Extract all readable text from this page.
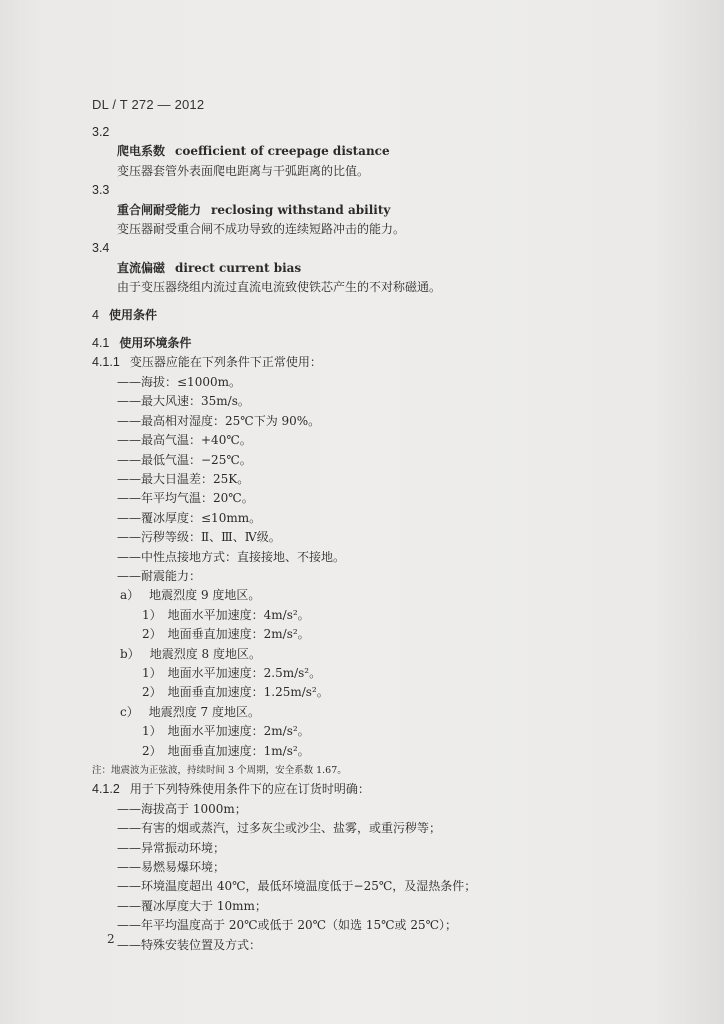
DL / T 272 — 2012
3.2
爬电系数 coefficient of creepage distance
变压器套管外表面爬电距离与干弧距离的比值。
3.3
重合闸耐受能力 reclosing withstand ability
变压器耐受重合闸不成功导致的连续短路冲击的能力。
3.4
直流偏磁 direct current bias
由于变压器绕组内流过直流电流致使铁芯产生的不对称磁通。
4 使用条件
4.1 使用环境条件
4.1.1 变压器应能在下列条件下正常使用：
——海拔：≤1000m。
——最大风速：35m/s。
——最高相对湿度：25℃下为 90%。
——最高气温：+40℃。
——最低气温：−25℃。
——最大日温差：25K。
——年平均气温：20℃。
——覆冰厚度：≤10mm。
——污秽等级：Ⅱ、Ⅲ、Ⅳ级。
——中性点接地方式：直接接地、不接地。
——耐震能力：
a） 地震烈度 9 度地区。
1）　地面水平加速度：4m/s²。
2）　地面垂直加速度：2m/s²。
b） 地震烈度 8 度地区。
1）　地面水平加速度：2.5m/s²。
2）　地面垂直加速度：1.25m/s²。
c） 地震烈度 7 度地区。
1）　地面水平加速度：2m/s²。
2）　地面垂直加速度：1m/s²。
注：地震波为正弦波，持续时间 3 个周期，安全系数 1.67。
4.1.2 用于下列特殊使用条件下的应在订货时明确：
——海拔高于 1000m；
——有害的烟或蒸汽，过多灰尘或沙尘、盐雾，或重污秽等；
——异常振动环境；
——易燃易爆环境；
——环境温度超出 40℃，最低环境温度低于−25℃，及湿热条件；
——覆冰厚度大于 10mm；
——年平均温度高于 20℃或低于 20℃（如选 15℃或 25℃）；
——特殊安装位置及方式：
2
